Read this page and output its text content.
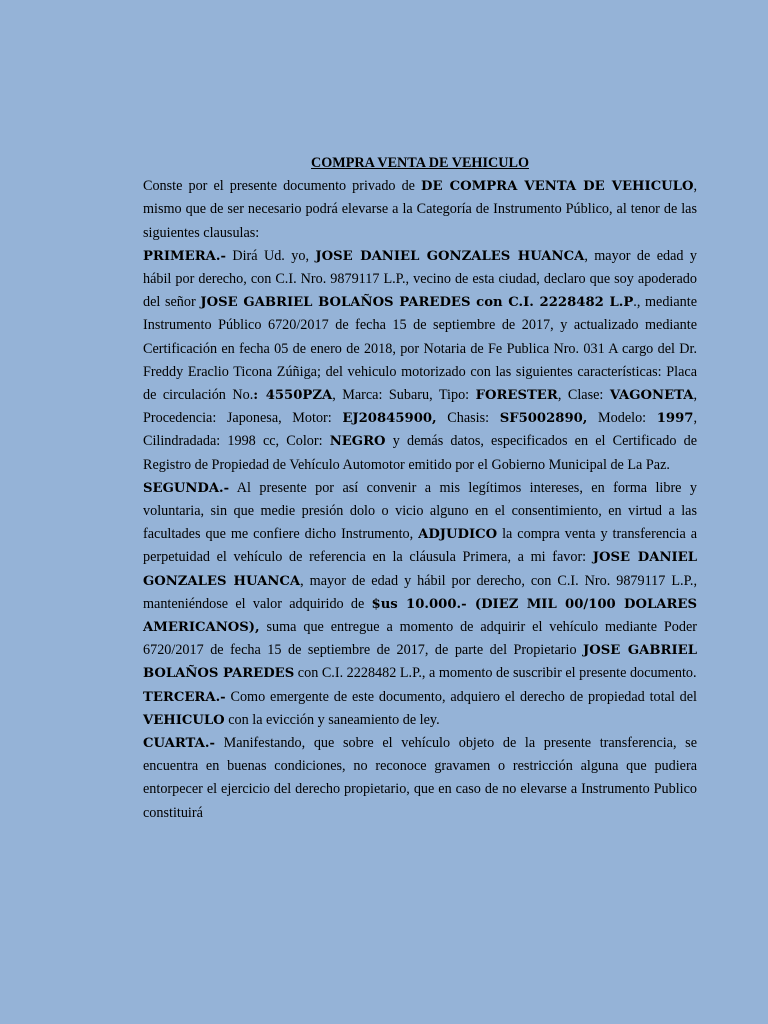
COMPRA VENTA DE VEHICULO

Conste por el presente documento privado de DE COMPRA VENTA DE VEHICULO, mismo que de ser necesario podrá elevarse a la Categoría de Instrumento Público, al tenor de las siguientes clausulas:

PRIMERA.- Dirá Ud. yo, JOSE DANIEL GONZALES HUANCA, mayor de edad y hábil por derecho, con C.I. Nro. 9879117 L.P., vecino de esta ciudad, declaro que soy apoderado del señor JOSE GABRIEL BOLAÑOS PAREDES con C.I. 2228482 L.P., mediante Instrumento Público 6720/2017 de fecha 15 de septiembre de 2017, y actualizado mediante Certificación en fecha 05 de enero de 2018, por Notaria de Fe Publica Nro. 031 A cargo del Dr. Freddy Eraclio Ticona Zúñiga; del vehiculo motorizado con las siguientes características: Placa de circulación No.: 4550PZA, Marca: Subaru, Tipo: FORESTER, Clase: VAGONETA, Procedencia: Japonesa, Motor: EJ20845900, Chasis: SF5002890, Modelo: 1997, Cilindradada: 1998 cc, Color: NEGRO y demás datos, especificados en el Certificado de Registro de Propiedad de Vehículo Automotor emitido por el Gobierno Municipal de La Paz.

SEGUNDA.- Al presente por así convenir a mis legítimos intereses, en forma libre y voluntaria, sin que medie presión dolo o vicio alguno en el consentimiento, en virtud a las facultades que me confiere dicho Instrumento, ADJUDICO la compra venta y transferencia a perpetuidad el vehículo de referencia en la cláusula Primera, a mi favor: JOSE DANIEL GONZALES HUANCA, mayor de edad y hábil por derecho, con C.I. Nro. 9879117 L.P., manteniéndose el valor adquirido de $us 10.000.- (DIEZ MIL 00/100 DOLARES AMERICANOS), suma que entregue a momento de adquirir el vehículo mediante Poder 6720/2017 de fecha 15 de septiembre de 2017, de parte del Propietario JOSE GABRIEL BOLAÑOS PAREDES con C.I. 2228482 L.P., a momento de suscribir el presente documento.

TERCERA.- Como emergente de este documento, adquiero el derecho de propiedad total del VEHICULO con la evicción y saneamiento de ley.

CUARTA.- Manifestando, que sobre el vehículo objeto de la presente transferencia, se encuentra en buenas condiciones, no reconoce gravamen o restricción alguna que pudiera entorpecer el ejercicio del derecho propietario, que en caso de no elevarse a Instrumento Publico constituirá
